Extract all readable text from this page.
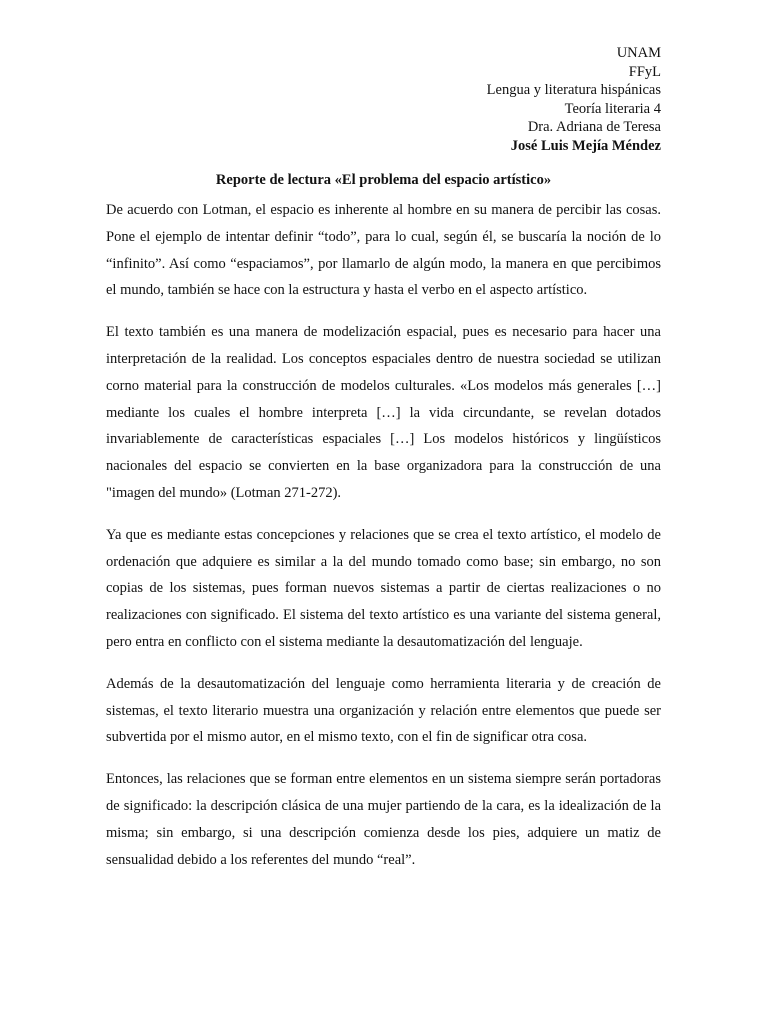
UNAM
FFyL
Lengua y literatura hispánicas
Teoría literaria 4
Dra. Adriana de Teresa
José Luis Mejía Méndez
Reporte de lectura «El problema del espacio artístico»

De acuerdo con Lotman, el espacio es inherente al hombre en su manera de percibir las cosas. Pone el ejemplo de intentar definir “todo”, para lo cual, según él, se buscaría la noción de lo “infinito”. Así como “espaciamos”, por llamarlo de algún modo, la manera en que percibimos el mundo, también se hace con la estructura y hasta el verbo en el aspecto artístico.

El texto también es una manera de modelización espacial, pues es necesario para hacer una interpretación de la realidad. Los conceptos espaciales dentro de nuestra sociedad se utilizan corno material para la construcción de modelos culturales. «Los modelos más generales […] mediante los cuales el hombre interpreta […] la vida circundante, se revelan dotados invariablemente de características espaciales […] Los modelos históricos y lingüísticos nacionales del espacio se convierten en la base organizadora para la construcción de una "imagen del mundo» (Lotman 271-272).

Ya que es mediante estas concepciones y relaciones que se crea el texto artístico, el modelo de ordenación que adquiere es similar a la del mundo tomado como base; sin embargo, no son copias de los sistemas, pues forman nuevos sistemas a partir de ciertas realizaciones o no realizaciones con significado. El sistema del texto artístico es una variante del sistema general, pero entra en conflicto con el sistema mediante la desautomatización del lenguaje.

Además de la desautomatización del lenguaje como herramienta literaria y de creación de sistemas, el texto literario muestra una organización y relación entre elementos que puede ser subvertida por el mismo autor, en el mismo texto, con el fin de significar otra cosa.

Entonces, las relaciones que se forman entre elementos en un sistema siempre serán portadoras de significado: la descripción clásica de una mujer partiendo de la cara, es la idealización de la misma; sin embargo, si una descripción comienza desde los pies, adquiere un matiz de sensualidad debido a los referentes del mundo “real”.
